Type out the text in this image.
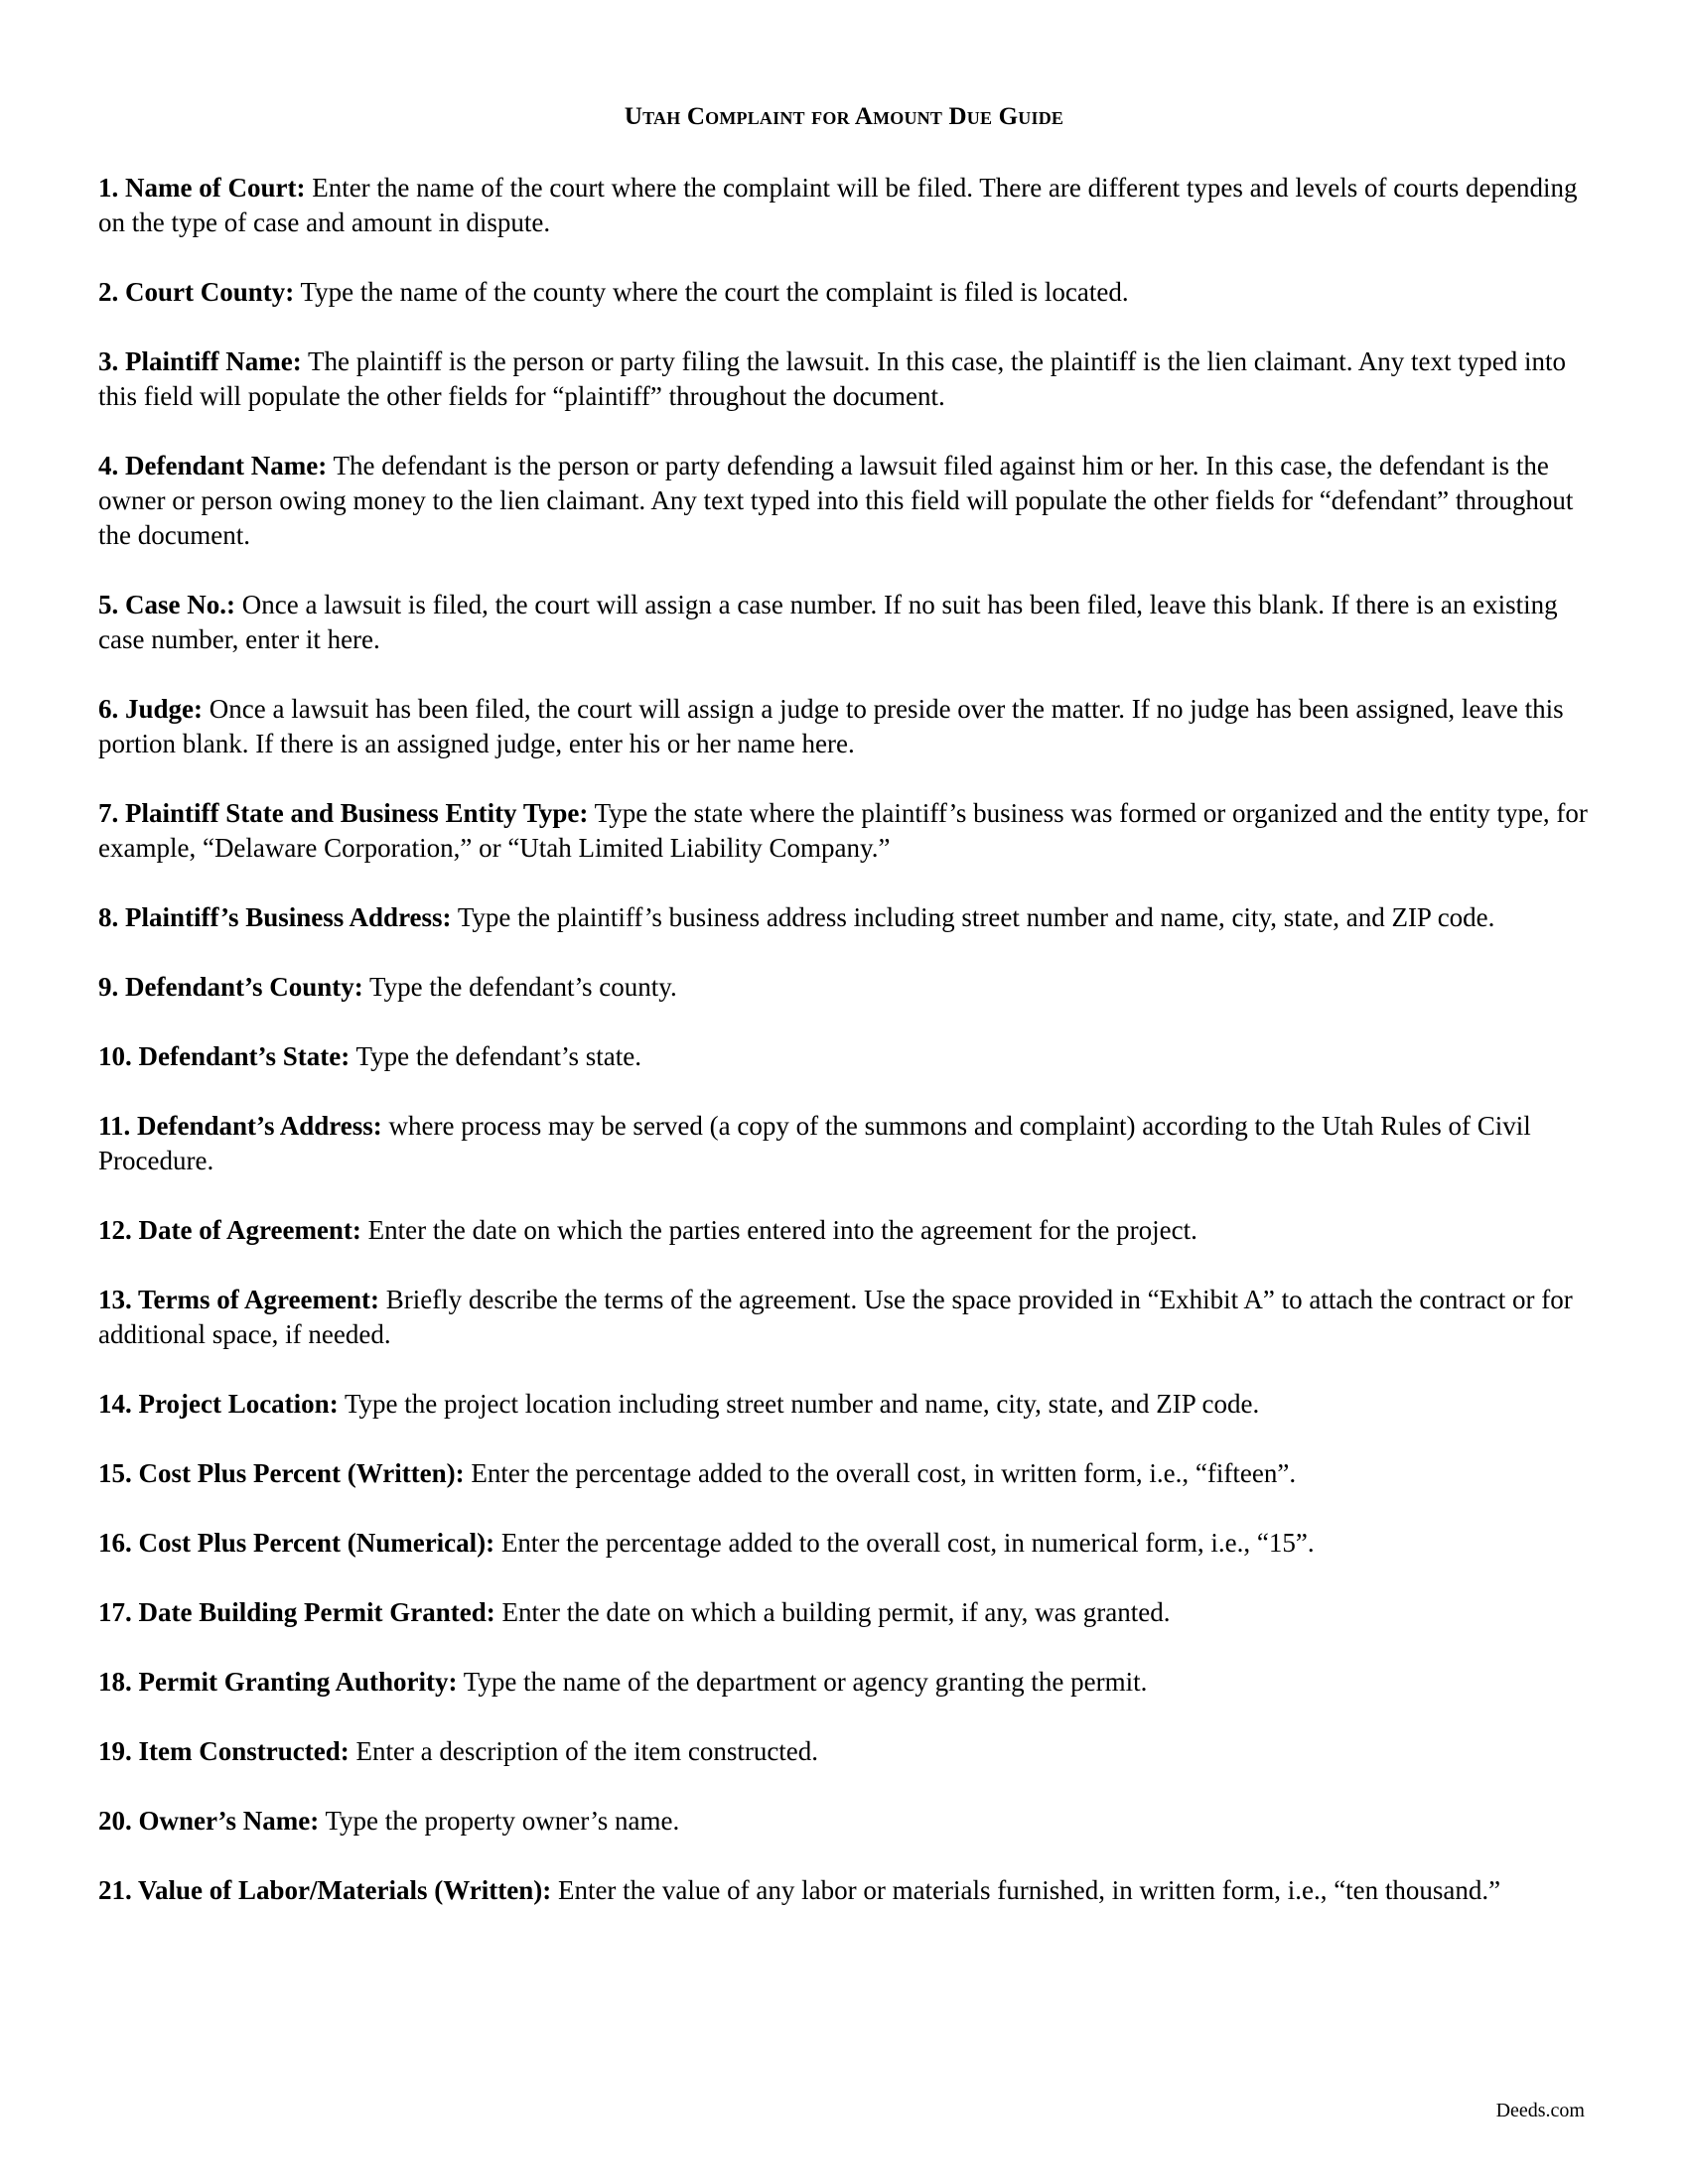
Utah Complaint for Amount Due Guide

1. Name of Court: Enter the name of the court where the complaint will be filed. There are different types and levels of courts depending on the type of case and amount in dispute.

2. Court County: Type the name of the county where the court the complaint is filed is located.

3. Plaintiff Name: The plaintiff is the person or party filing the lawsuit. In this case, the plaintiff is the lien claimant. Any text typed into this field will populate the other fields for “plaintiff” throughout the document.

4. Defendant Name: The defendant is the person or party defending a lawsuit filed against him or her. In this case, the defendant is the owner or person owing money to the lien claimant. Any text typed into this field will populate the other fields for “defendant” throughout the document.

5. Case No.: Once a lawsuit is filed, the court will assign a case number. If no suit has been filed, leave this blank. If there is an existing case number, enter it here.

6. Judge: Once a lawsuit has been filed, the court will assign a judge to preside over the matter. If no judge has been assigned, leave this portion blank. If there is an assigned judge, enter his or her name here.

7. Plaintiff State and Business Entity Type: Type the state where the plaintiff’s business was formed or organized and the entity type, for example, “Delaware Corporation,” or “Utah Limited Liability Company.”

8. Plaintiff’s Business Address: Type the plaintiff’s business address including street number and name, city, state, and ZIP code.

9. Defendant’s County: Type the defendant’s county.

10. Defendant’s State: Type the defendant’s state.

11. Defendant’s Address: where process may be served (a copy of the summons and complaint) according to the Utah Rules of Civil Procedure.

12. Date of Agreement: Enter the date on which the parties entered into the agreement for the project.

13. Terms of Agreement: Briefly describe the terms of the agreement. Use the space provided in “Exhibit A” to attach the contract or for additional space, if needed.

14. Project Location: Type the project location including street number and name, city, state, and ZIP code.

15. Cost Plus Percent (Written): Enter the percentage added to the overall cost, in written form, i.e., “fifteen”.

16. Cost Plus Percent (Numerical): Enter the percentage added to the overall cost, in numerical form, i.e., “15”.

17. Date Building Permit Granted: Enter the date on which a building permit, if any, was granted.

18. Permit Granting Authority: Type the name of the department or agency granting the permit.

19. Item Constructed: Enter a description of the item constructed.

20. Owner’s Name: Type the property owner’s name.

21. Value of Labor/Materials (Written): Enter the value of any labor or materials furnished, in written form, i.e., “ten thousand.”

Deeds.com
